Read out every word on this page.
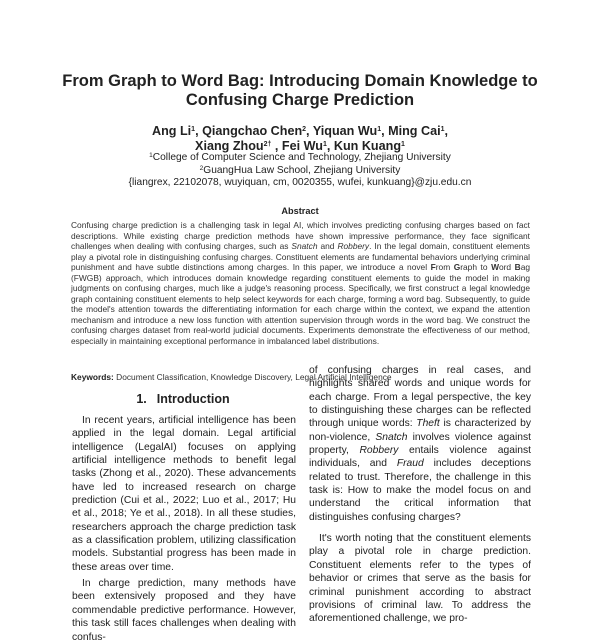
From Graph to Word Bag: Introducing Domain Knowledge to
Confusing Charge Prediction
Ang Li$^1$, Qiangchao Chen$^2$, Yiquan Wu$^1$, Ming Cai$^1$,
Xiang Zhou$^{2\dagger}$ , Fei Wu$^1$, Kun Kuang$^1$
$^1$College of Computer Science and Technology, Zhejiang University
$^2$GuangHua Law School, Zhejiang University
{liangrex, 22102078, wuyiquan, cm, 0020355, wufei, kunkuang}@zju.edu.cn
Abstract
Confusing charge prediction is a challenging task in legal AI, which involves predicting confusing charges based on fact descriptions. While existing charge prediction methods have shown impressive performance, they face significant challenges when dealing with confusing charges, such as Snatch and Robbery. In the legal domain, constituent elements play a pivotal role in distinguishing confusing charges. Constituent elements are fundamental behaviors underlying criminal punishment and have subtle distinctions among charges. In this paper, we introduce a novel From Graph to Word Bag (FWGB) approach, which introduces domain knowledge regarding constituent elements to guide the model in making judgments on confusing charges, much like a judge's reasoning process. Specifically, we first construct a legal knowledge graph containing constituent elements to help select keywords for each charge, forming a word bag. Subsequently, to guide the model's attention towards the differentiating information for each charge within the context, we expand the attention mechanism and introduce a new loss function with attention supervision through words in the word bag. We construct the confusing charges dataset from real-world judicial documents. Experiments demonstrate the effectiveness of our method, especially in maintaining exceptional performance in imbalanced label distributions.
Keywords: Document Classification, Knowledge Discovery, Legal Artificial Intelligence
1. Introduction

In recent years, artificial intelligence has been applied in the legal domain. Legal artificial intelligence (LegalAI) focuses on applying artificial intelligence methods to benefit legal tasks (Zhong et al., 2020). These advancements have led to increased research on charge prediction (Cui et al., 2022; Luo et al., 2017; Hu et al., 2018; Ye et al., 2018). In all these studies, researchers approach the charge prediction task as a classification problem, utilizing classification models. Substantial progress has been made in these areas over time.

In charge prediction, many methods have been extensively proposed and they have commendable predictive performance. However, this task still faces challenges when dealing with confus-

of confusing charges in real cases, and highlights shared words and unique words for each charge. From a legal perspective, the key to distinguishing these charges can be reflected through unique words: Theft is characterized by non-violence, Snatch involves violence against property, Robbery entails violence against individuals, and Fraud includes deceptions related to trust. Therefore, the challenge in this task is: How to make the model focus on and understand the critical information that distinguishes confusing charges?

It's worth noting that the constituent elements play a pivotal role in charge prediction. Constituent elements refer to the types of behavior or crimes that serve as the basis for criminal punishment according to abstract provisions of criminal law. To address the aforementioned challenge, we pro-
